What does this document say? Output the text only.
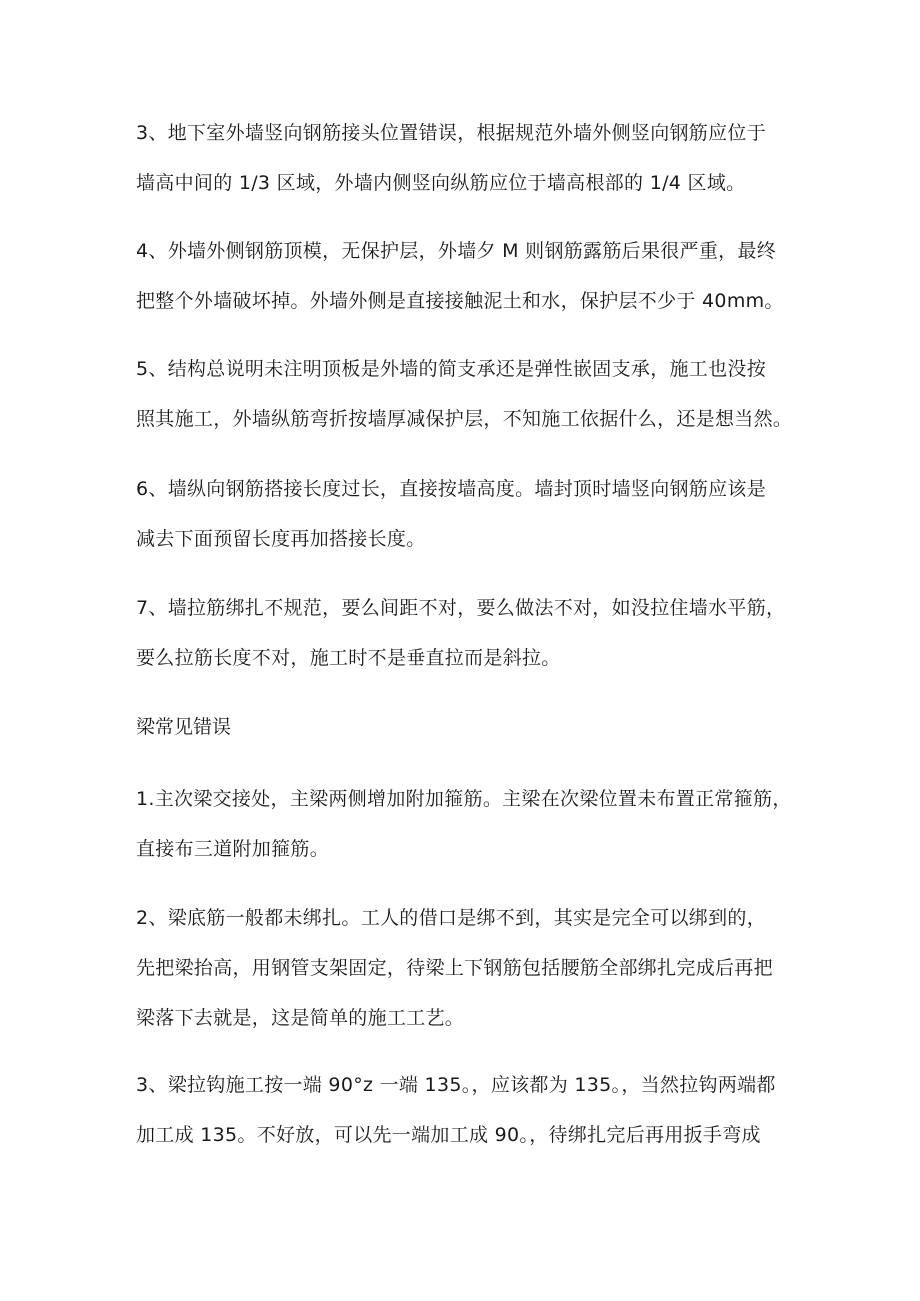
3、地下室外墙竖向钢筋接头位置错误，根据规范外墙外侧竖向钢筋应位于
墙高中间的 1/3 区域，外墙内侧竖向纵筋应位于墙高根部的 1/4 区域。

4、外墙外侧钢筋顶模，无保护层，外墙夕 M 则钢筋露筋后果很严重，最终
把整个外墙破坏掉。外墙外侧是直接接触泥土和水，保护层不少于 40mm。

5、结构总说明未注明顶板是外墙的简支承还是弹性嵌固支承，施工也没按
照其施工，外墙纵筋弯折按墙厚减保护层，不知施工依据什么，还是想当然。

6、墙纵向钢筋搭接长度过长，直接按墙高度。墙封顶时墙竖向钢筋应该是
减去下面预留长度再加搭接长度。

7、墙拉筋绑扎不规范，要么间距不对，要么做法不对，如没拉住墙水平筋，
要么拉筋长度不对，施工时不是垂直拉而是斜拉。

梁常见错误

1.主次梁交接处，主梁两侧增加附加箍筋。主梁在次梁位置未布置正常箍筋，
直接布三道附加箍筋。

2、梁底筋一般都未绑扎。工人的借口是绑不到，其实是完全可以绑到的，
先把梁抬高，用钢管支架固定，待梁上下钢筋包括腰筋全部绑扎完成后再把
梁落下去就是，这是简单的施工工艺。

3、梁拉钩施工按一端 90°z 一端 135。，应该都为 135。，当然拉钩两端都
加工成 135。不好放，可以先一端加工成 90。，待绑扎完后再用扳手弯成
